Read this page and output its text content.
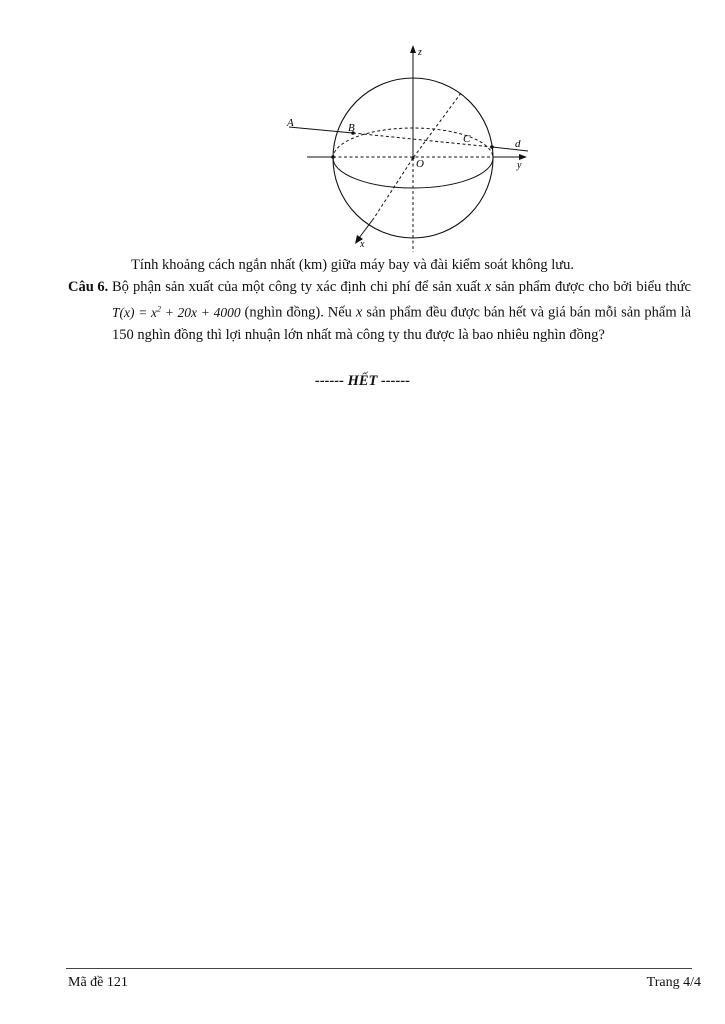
z
A	B
C	d
O	y
x
Tính khoảng cách ngắn nhất (km) giữa máy bay và đài kiểm soát không lưu.
Câu 6. Bộ phận sản xuất của một công ty xác định chi phí để sản xuất x sản phẩm được cho bởi biểu thức $T(x) = x^2 + 20x + 4000$ (nghìn đồng). Nếu x sản phẩm đều được bán hết và giá bán mỗi sản phẩm là 150 nghìn đồng thì lợi nhuận lớn nhất mà công ty thu được là bao nhiêu nghìn đồng?
------ HẾT ------
Mã đề 121	Trang 4/4
